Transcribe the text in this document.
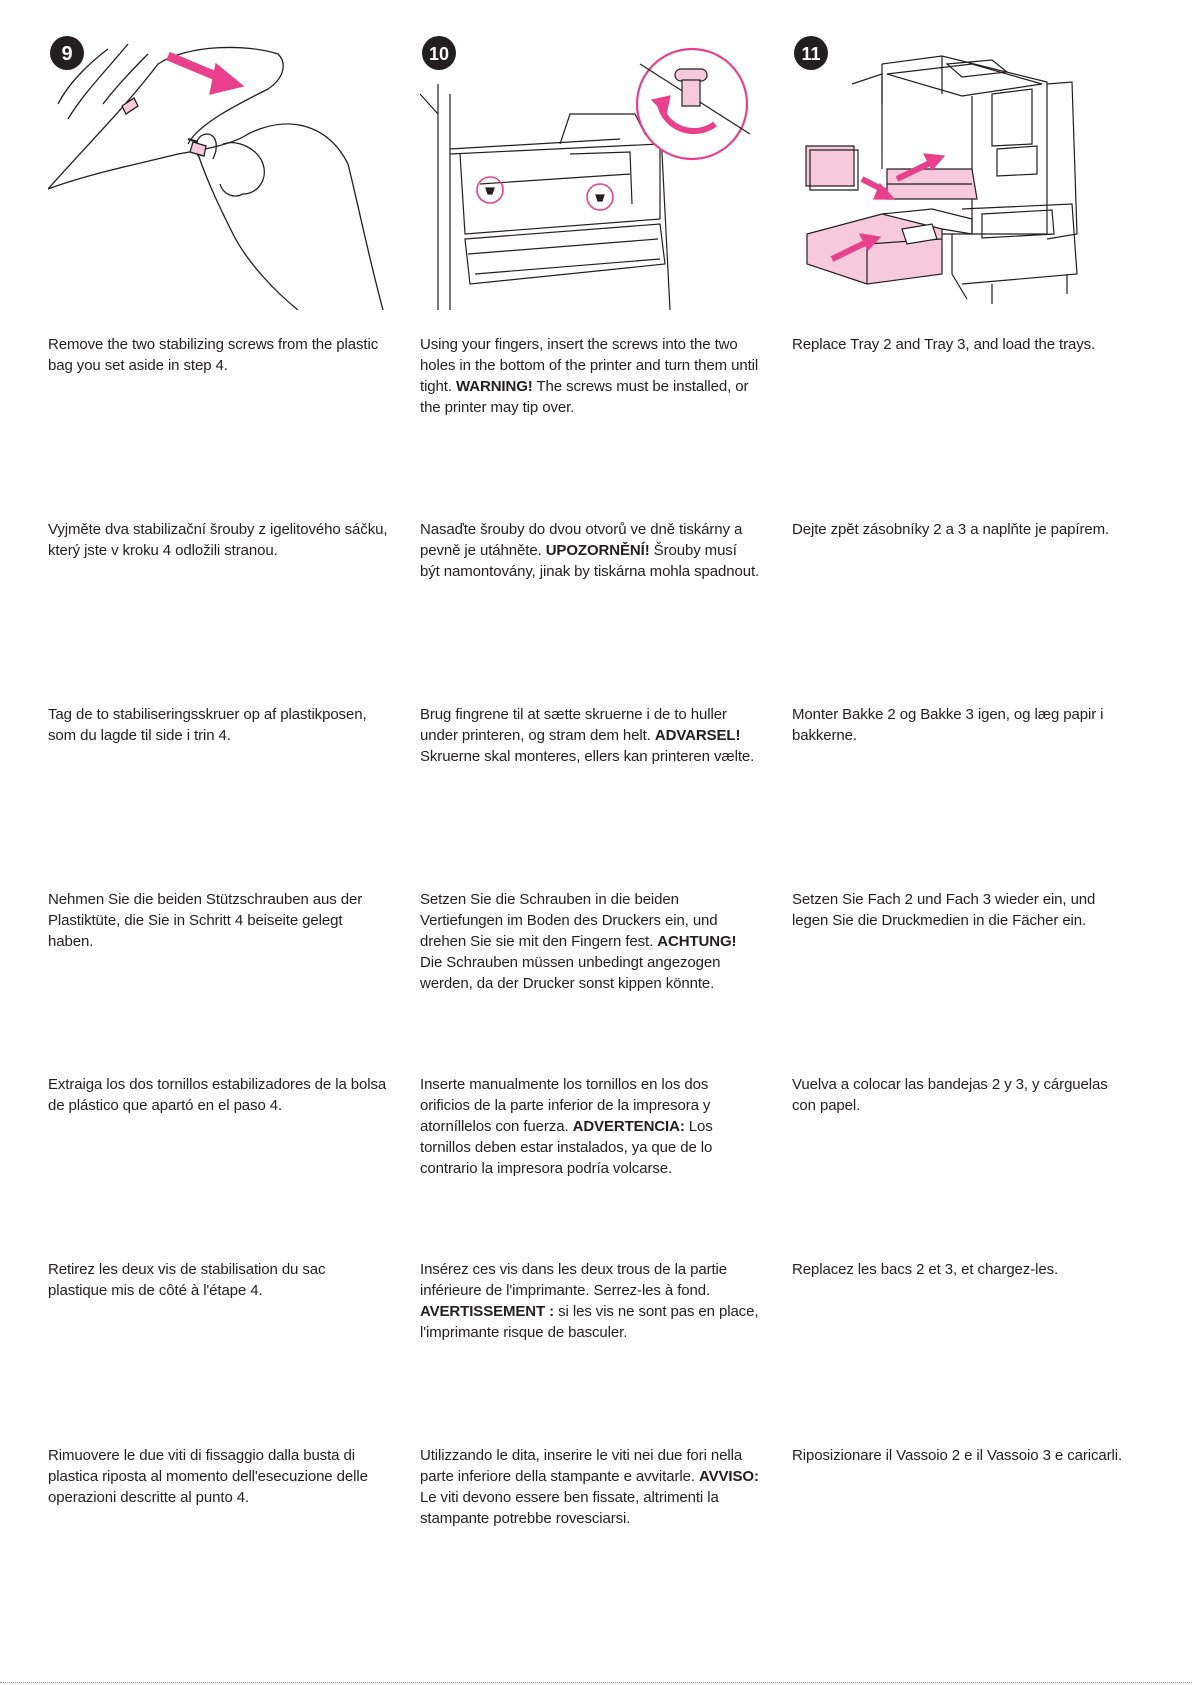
9	10	11
Remove the two stabilizing screws from the plastic bag you set aside in step 4.
Vyjměte dva stabilizační šrouby z igelitového sáčku, který jste v kroku 4 odložili stranou.
Tag de to stabiliseringsskruer op af plastikposen, som du lagde til side i trin 4.
Nehmen Sie die beiden Stützschrauben aus der Plastiktüte, die Sie in Schritt 4 beiseite gelegt haben.
Extraiga los dos tornillos estabilizadores de la bolsa de plástico que apartó en el paso 4.
Retirez les deux vis de stabilisation du sac plastique mis de côté à l'étape 4.
Rimuovere le due viti di fissaggio dalla busta di plastica riposta al momento dell'esecuzione delle operazioni descritte al punto 4.
Using your fingers, insert the screws into the two holes in the bottom of the printer and turn them until tight. WARNING! The screws must be installed, or the printer may tip over.
Nasaďte šrouby do dvou otvorů ve dně tiskárny a pevně je utáhněte. UPOZORNĚNÍ! Šrouby musí být namontovány, jinak by tiskárna mohla spadnout.
Brug fingrene til at sætte skruerne i de to huller under printeren, og stram dem helt. ADVARSEL! Skruerne skal monteres, ellers kan printeren vælte.
Setzen Sie die Schrauben in die beiden Vertiefungen im Boden des Druckers ein, und drehen Sie sie mit den Fingern fest. ACHTUNG! Die Schrauben müssen unbedingt angezogen werden, da der Drucker sonst kippen könnte.
Inserte manualmente los tornillos en los dos orificios de la parte inferior de la impresora y atorníllelos con fuerza. ADVERTENCIA: Los tornillos deben estar instalados, ya que de lo contrario la impresora podría volcarse.
Insérez ces vis dans les deux trous de la partie inférieure de l'imprimante. Serrez-les à fond. AVERTISSEMENT : si les vis ne sont pas en place, l'imprimante risque de basculer.
Utilizzando le dita, inserire le viti nei due fori nella parte inferiore della stampante e avvitarle. AVVISO: Le viti devono essere ben fissate, altrimenti la stampante potrebbe rovesciarsi.
Replace Tray 2 and Tray 3, and load the trays.
Dejte zpět zásobníky 2 a 3 a naplňte je papírem.
Monter Bakke 2 og Bakke 3 igen, og læg papir i bakkerne.
Setzen Sie Fach 2 und Fach 3 wieder ein, und legen Sie die Druckmedien in die Fächer ein.
Vuelva a colocar las bandejas 2 y 3, y cárguelas con papel.
Replacez les bacs 2 et 3, et chargez-les.
Riposizionare il Vassoio 2 e il Vassoio 3 e caricarli.
